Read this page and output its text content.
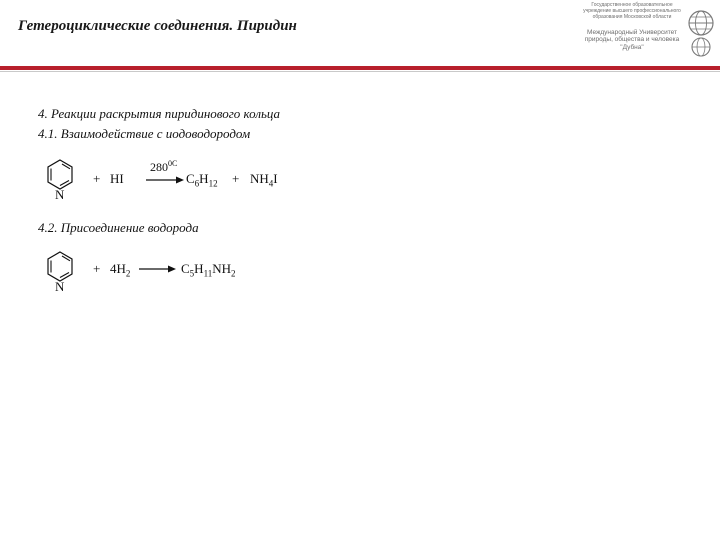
Гетероциклические соединения. Пиридин
Государственное образовательное учреждение высшего профессионального образования Московской области
Международный Университет природы, общества и человека "Дубна"
4. Реакции раскрытия пиридинового кольца
4.1. Взаимодействие с иодоводородом
N
+ HI
$280^{0C}$
$C_6H_{12} + NH_4I$
4.2. Присоединение водорода
N
+ $4H_2$	$C_5H_{11}NH_2$
